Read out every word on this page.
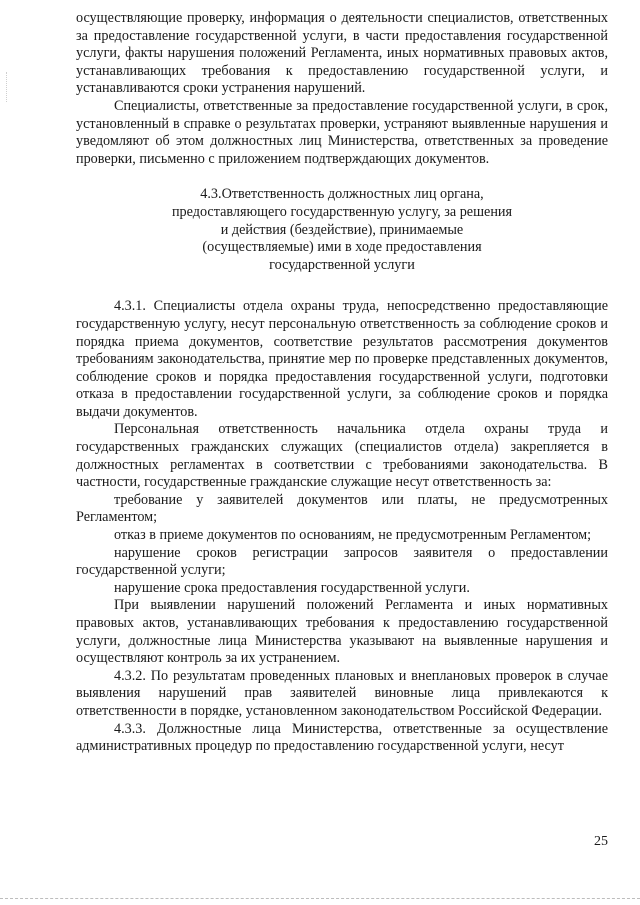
осуществляющие проверку, информация о деятельности специалистов, ответственных за предоставление государственной услуги, в части предоставления государственной услуги, факты нарушения положений Регламента, иных нормативных правовых актов, устанавливающих требования к предоставлению государственной услуги, и устанавливаются сроки устранения нарушений.

Специалисты, ответственные за предоставление государственной услуги, в срок, установленный в справке о результатах проверки, устраняют выявленные нарушения и уведомляют об этом должностных лиц Министерства, ответственных за проведение проверки, письменно с приложением подтверждающих документов.

4.3.Ответственность должностных лиц органа,
предоставляющего государственную услугу, за решения
и действия (бездействие), принимаемые
(осуществляемые) ими в ходе предоставления
государственной услуги

4.3.1. Специалисты отдела охраны труда, непосредственно предоставляющие государственную услугу, несут персональную ответственность за соблюдение сроков и порядка приема документов, соответствие результатов рассмотрения документов требованиям законодательства, принятие мер по проверке представленных документов, соблюдение сроков и порядка предоставления государственной услуги, подготовки отказа в предоставлении государственной услуги, за соблюдение сроков и порядка выдачи документов.

Персональная ответственность начальника отдела охраны труда и государственных гражданских служащих (специалистов отдела) закрепляется в должностных регламентах в соответствии с требованиями законодательства. В частности, государственные гражданские служащие несут ответственность за:

требование у заявителей документов или платы, не предусмотренных Регламентом;

отказ в приеме документов по основаниям, не предусмотренным Регламентом;

нарушение сроков регистрации запросов заявителя о предоставлении государственной услуги;

нарушение срока предоставления государственной услуги.

При выявлении нарушений положений Регламента и иных нормативных правовых актов, устанавливающих требования к предоставлению государственной услуги, должностные лица Министерства указывают на выявленные нарушения и осуществляют контроль за их устранением.

4.3.2. По результатам проведенных плановых и внеплановых проверок в случае выявления нарушений прав заявителей виновные лица привлекаются к ответственности в порядке, установленном законодательством Российской Федерации.

4.3.3. Должностные лица Министерства, ответственные за осуществление административных процедур по предоставлению государственной услуги, несут

25
